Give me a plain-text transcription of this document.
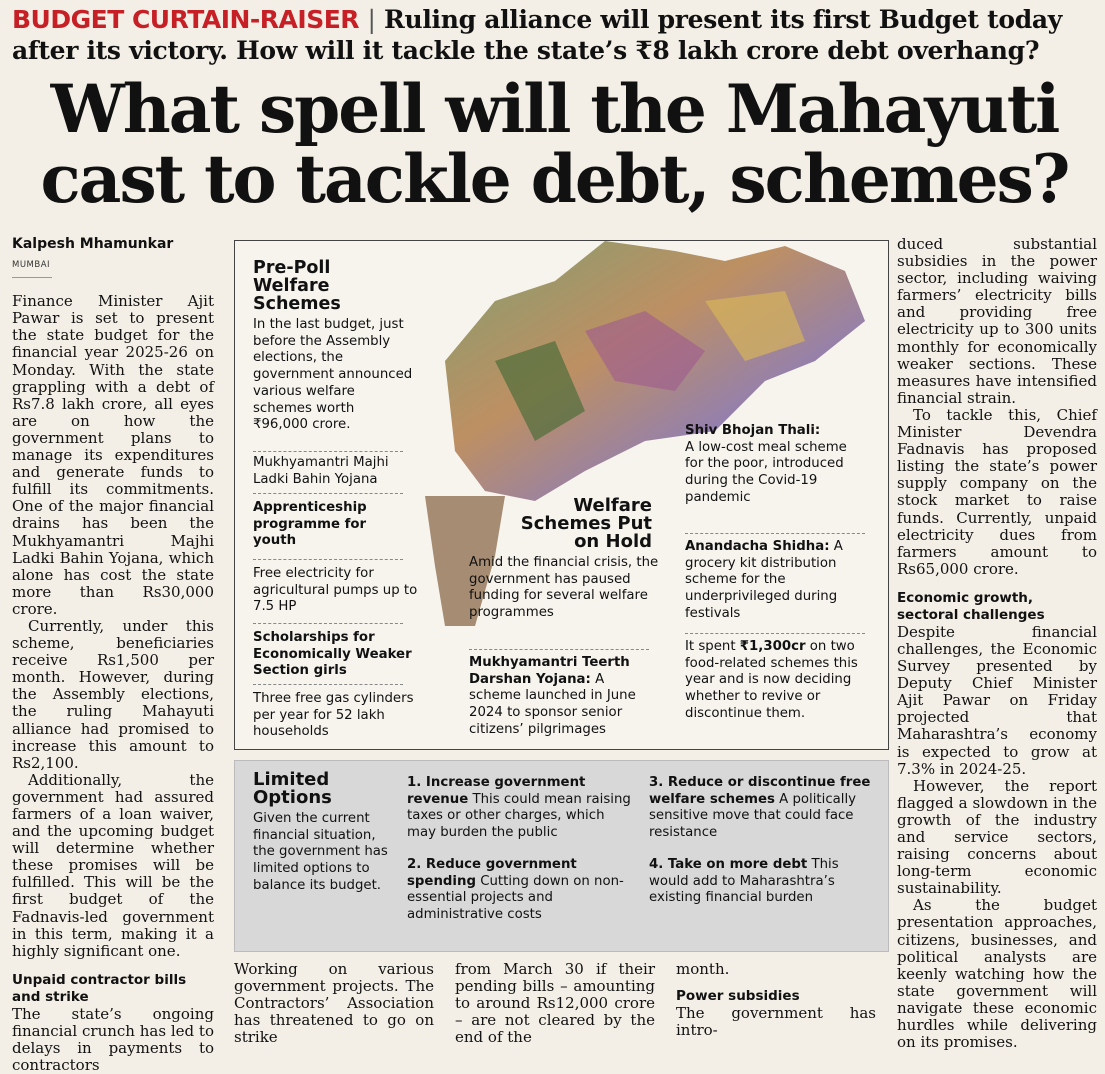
BUDGET CURTAIN-RAISER | Ruling alliance will present its first Budget today after its victory. How will it tackle the state’s ₹8 lakh crore debt overhang?
What spell will the Mahayuti
cast to tackle debt, schemes?
Kalpesh Mhamunkar
MUMBAI

Finance Minister Ajit Pawar is set to present the state budget for the financial year 2025-26 on Monday. With the state grappling with a debt of Rs7.8 lakh crore, all eyes are on how the government plans to manage its expenditures and generate funds to fulfill its commitments. One of the major financial drains has been the Mukhyamantri Majhi Ladki Bahin Yojana, which alone has cost the state more than Rs30,000 crore.

Currently, under this scheme, beneficiaries receive Rs1,500 per month. However, during the Assembly elections, the ruling Mahayuti alliance had promised to increase this amount to Rs2,100.

Additionally, the government had assured farmers of a loan waiver, and the upcoming budget will determine whether these promises will be fulfilled. This will be the first budget of the Fadnavis-led government in this term, making it a highly significant one.

Unpaid contractor bills and strike

The state’s ongoing financial crunch has led to delays in payments to contractors

Pre-Poll Welfare Schemes
In the last budget, just before the Assembly elections, the government announced various welfare schemes worth ₹96,000 crore.
Mukhyamantri Majhi Ladki Bahin Yojana
Apprenticeship programme for youth
Free electricity for agricultural pumps up to 7.5 HP
Scholarships for Economically Weaker Section girls
Three free gas cylinders per year for 52 lakh households
Welfare Schemes Put on Hold
Amid the financial crisis, the government has paused funding for several welfare programmes
Mukhyamantri Teerth Darshan Yojana: A scheme launched in June 2024 to sponsor senior citizens’ pilgrimages
Shiv Bhojan Thali:
A low-cost meal scheme for the poor, introduced during the Covid-19 pandemic
Anandacha Shidha: A grocery kit distribution scheme for the underprivileged during festivals
It spent ₹1,300cr on two food-related schemes this year and is now deciding whether to revive or discontinue them.
Limited Options
Given the current financial situation, the government has limited options to balance its budget.
1. Increase government revenue This could mean raising taxes or other charges, which may burden the public
2. Reduce government spending Cutting down on non-essential projects and administrative costs
3. Reduce or discontinue free welfare schemes A politically sensitive move that could face resistance
4. Take on more debt This would add to Maharashtra’s existing financial burden
Working on various government projects. The Contractors’ Association has threatened to go on strike
from March 30 if their pending bills – amounting to around Rs12,000 crore – are not cleared by the end of the

month.

Power subsidies

The government has intro-

duced substantial subsidies in the power sector, including waiving farmers’ electricity bills and providing free electricity up to 300 units monthly for economically weaker sections. These measures have intensified financial strain.

To tackle this, Chief Minister Devendra Fadnavis has proposed listing the state’s power supply company on the stock market to raise funds. Currently, unpaid electricity dues from farmers amount to Rs65,000 crore.

Economic growth, sectoral challenges

Despite financial challenges, the Economic Survey presented by Deputy Chief Minister Ajit Pawar on Friday projected that Maharashtra’s economy is expected to grow at 7.3% in 2024-25.

However, the report flagged a slowdown in the growth of the industry and service sectors, raising concerns about long-term economic sustainability.

As the budget presentation approaches, citizens, businesses, and political analysts are keenly watching how the state government will navigate these economic hurdles while delivering on its promises.
